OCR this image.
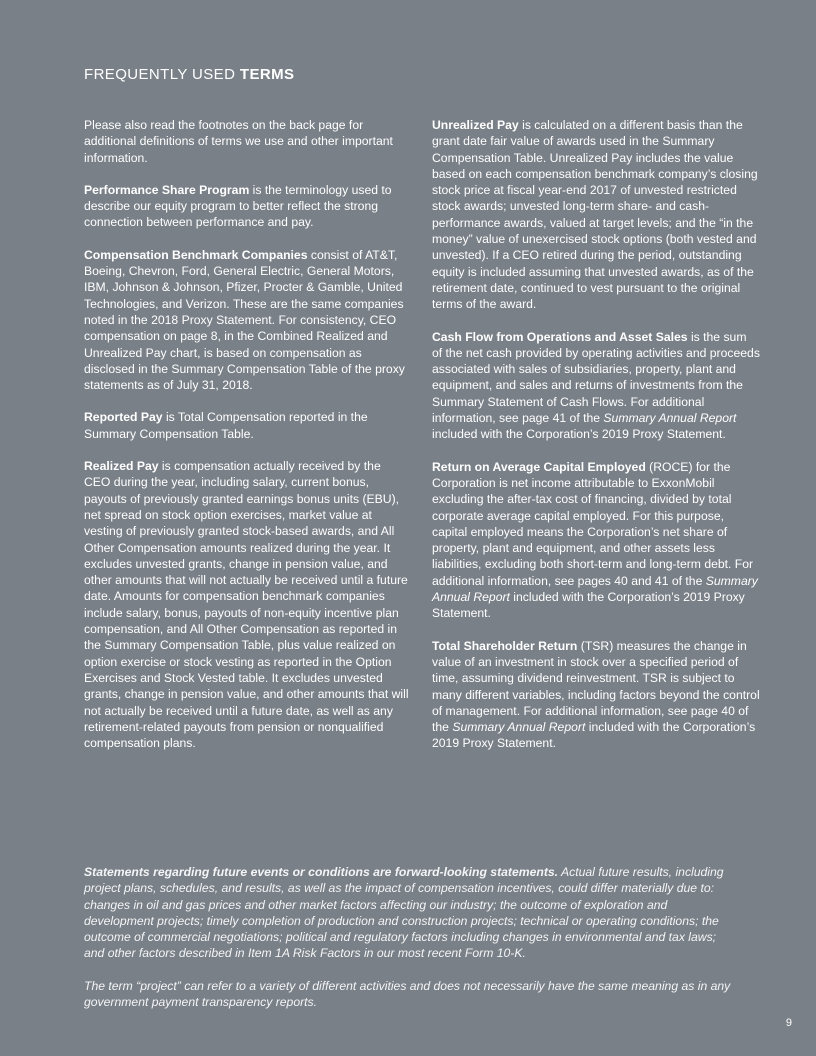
FREQUENTLY USED TERMS

Please also read the footnotes on the back page for additional definitions of terms we use and other important information.

Performance Share Program is the terminology used to describe our equity program to better reflect the strong connection between performance and pay.

Compensation Benchmark Companies consist of AT&T, Boeing, Chevron, Ford, General Electric, General Motors, IBM, Johnson & Johnson, Pfizer, Procter & Gamble, United Technologies, and Verizon. These are the same companies noted in the 2018 Proxy Statement. For consistency, CEO compensation on page 8, in the Combined Realized and Unrealized Pay chart, is based on compensation as disclosed in the Summary Compensation Table of the proxy statements as of July 31, 2018.

Reported Pay is Total Compensation reported in the Summary Compensation Table.

Realized Pay is compensation actually received by the CEO during the year, including salary, current bonus, payouts of previously granted earnings bonus units (EBU), net spread on stock option exercises, market value at vesting of previously granted stock-based awards, and All Other Compensation amounts realized during the year. It excludes unvested grants, change in pension value, and other amounts that will not actually be received until a future date. Amounts for compensation benchmark companies include salary, bonus, payouts of non-equity incentive plan compensation, and All Other Compensation as reported in the Summary Compensation Table, plus value realized on option exercise or stock vesting as reported in the Option Exercises and Stock Vested table. It excludes unvested grants, change in pension value, and other amounts that will not actually be received until a future date, as well as any retirement-related payouts from pension or nonqualified compensation plans.

Unrealized Pay is calculated on a different basis than the grant date fair value of awards used in the Summary Compensation Table. Unrealized Pay includes the value based on each compensation benchmark company’s closing stock price at fiscal year-end 2017 of unvested restricted stock awards; unvested long-term share- and cash-performance awards, valued at target levels; and the “in the money” value of unexercised stock options (both vested and unvested). If a CEO retired during the period, outstanding equity is included assuming that unvested awards, as of the retirement date, continued to vest pursuant to the original terms of the award.

Cash Flow from Operations and Asset Sales is the sum of the net cash provided by operating activities and proceeds associated with sales of subsidiaries, property, plant and equipment, and sales and returns of investments from the Summary Statement of Cash Flows. For additional information, see page 41 of the Summary Annual Report included with the Corporation’s 2019 Proxy Statement.

Return on Average Capital Employed (ROCE) for the Corporation is net income attributable to ExxonMobil excluding the after-tax cost of financing, divided by total corporate average capital employed. For this purpose, capital employed means the Corporation’s net share of property, plant and equipment, and other assets less liabilities, excluding both short-term and long-term debt. For additional information, see pages 40 and 41 of the Summary Annual Report included with the Corporation’s 2019 Proxy Statement.

Total Shareholder Return (TSR) measures the change in value of an investment in stock over a specified period of time, assuming dividend reinvestment. TSR is subject to many different variables, including factors beyond the control of management. For additional information, see page 40 of the Summary Annual Report included with the Corporation’s 2019 Proxy Statement.

Statements regarding future events or conditions are forward-looking statements. Actual future results, including project plans, schedules, and results, as well as the impact of compensation incentives, could differ materially due to: changes in oil and gas prices and other market factors affecting our industry; the outcome of exploration and development projects; timely completion of production and construction projects; technical or operating conditions; the outcome of commercial negotiations; political and regulatory factors including changes in environmental and tax laws; and other factors described in Item 1A Risk Factors in our most recent Form 10-K.

The term “project” can refer to a variety of different activities and does not necessarily have the same meaning as in any government payment transparency reports.

9
